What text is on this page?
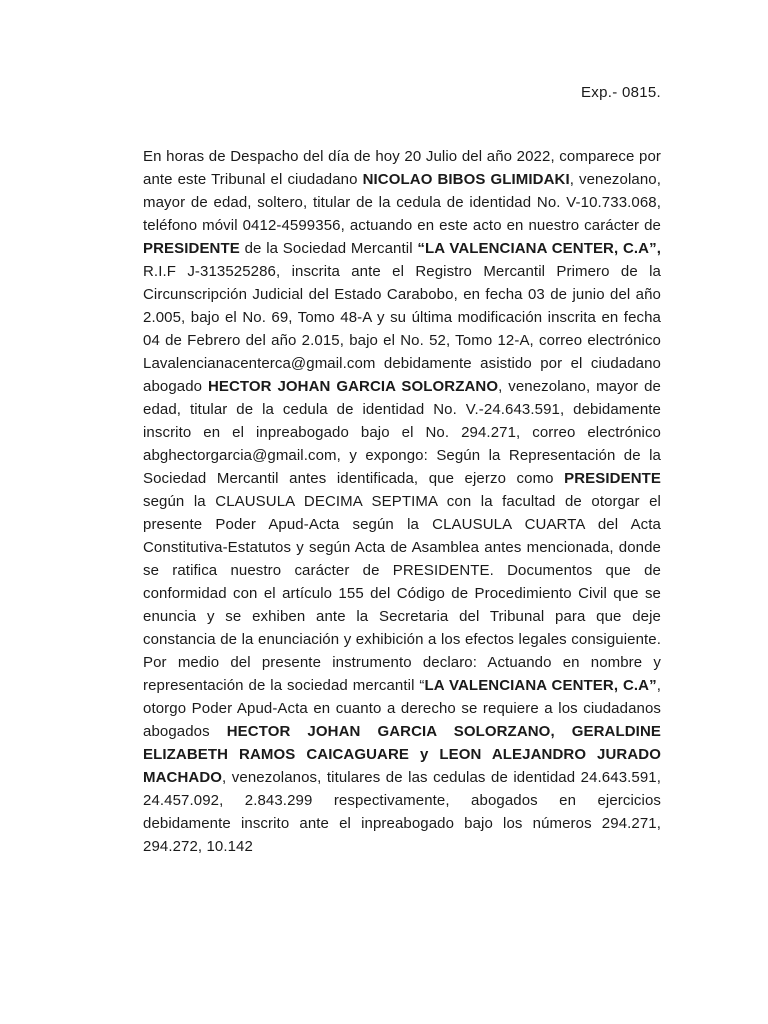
Exp.- 0815.
En horas de Despacho del día de hoy 20 Julio del año 2022, comparece por ante este Tribunal el ciudadano NICOLAO BIBOS GLIMIDAKI, venezolano, mayor de edad, soltero, titular de la cedula de identidad No. V-10.733.068, teléfono móvil 0412-4599356, actuando en este acto en nuestro carácter de PRESIDENTE de la Sociedad Mercantil “LA VALENCIANA CENTER, C.A”, R.I.F J-313525286, inscrita ante el Registro Mercantil Primero de la Circunscripción Judicial del Estado Carabobo, en fecha 03 de junio del año 2.005, bajo el No. 69, Tomo 48-A y su última modificación inscrita en fecha 04 de Febrero del año 2.015, bajo el No. 52, Tomo 12-A, correo electrónico Lavalencianacenterca@gmail.com debidamente asistido por el ciudadano abogado HECTOR JOHAN GARCIA SOLORZANO, venezolano, mayor de edad, titular de la cedula de identidad No. V.-24.643.591, debidamente inscrito en el inpreabogado bajo el No. 294.271, correo electrónico abghectorgarcia@gmail.com, y expongo: Según la Representación de la Sociedad Mercantil antes identificada, que ejerzo como PRESIDENTE según la CLAUSULA DECIMA SEPTIMA con la facultad de otorgar el presente Poder Apud-Acta según la CLAUSULA CUARTA del Acta Constitutiva-Estatutos y según Acta de Asamblea antes mencionada, donde se ratifica nuestro carácter de PRESIDENTE. Documentos que de conformidad con el artículo 155 del Código de Procedimiento Civil que se enuncia y se exhiben ante la Secretaria del Tribunal para que deje constancia de la enunciación y exhibición a los efectos legales consiguiente. Por medio del presente instrumento declaro: Actuando en nombre y representación de la sociedad mercantil “LA VALENCIANA CENTER, C.A”, otorgo Poder Apud-Acta en cuanto a derecho se requiere a los ciudadanos abogados HECTOR JOHAN GARCIA SOLORZANO, GERALDINE ELIZABETH RAMOS CAICAGUARE y LEON ALEJANDRO JURADO MACHADO, venezolanos, titulares de las cedulas de identidad 24.643.591, 24.457.092, 2.843.299 respectivamente, abogados en ejercicios debidamente inscrito ante el inpreabogado bajo los números 294.271, 294.272, 10.142
